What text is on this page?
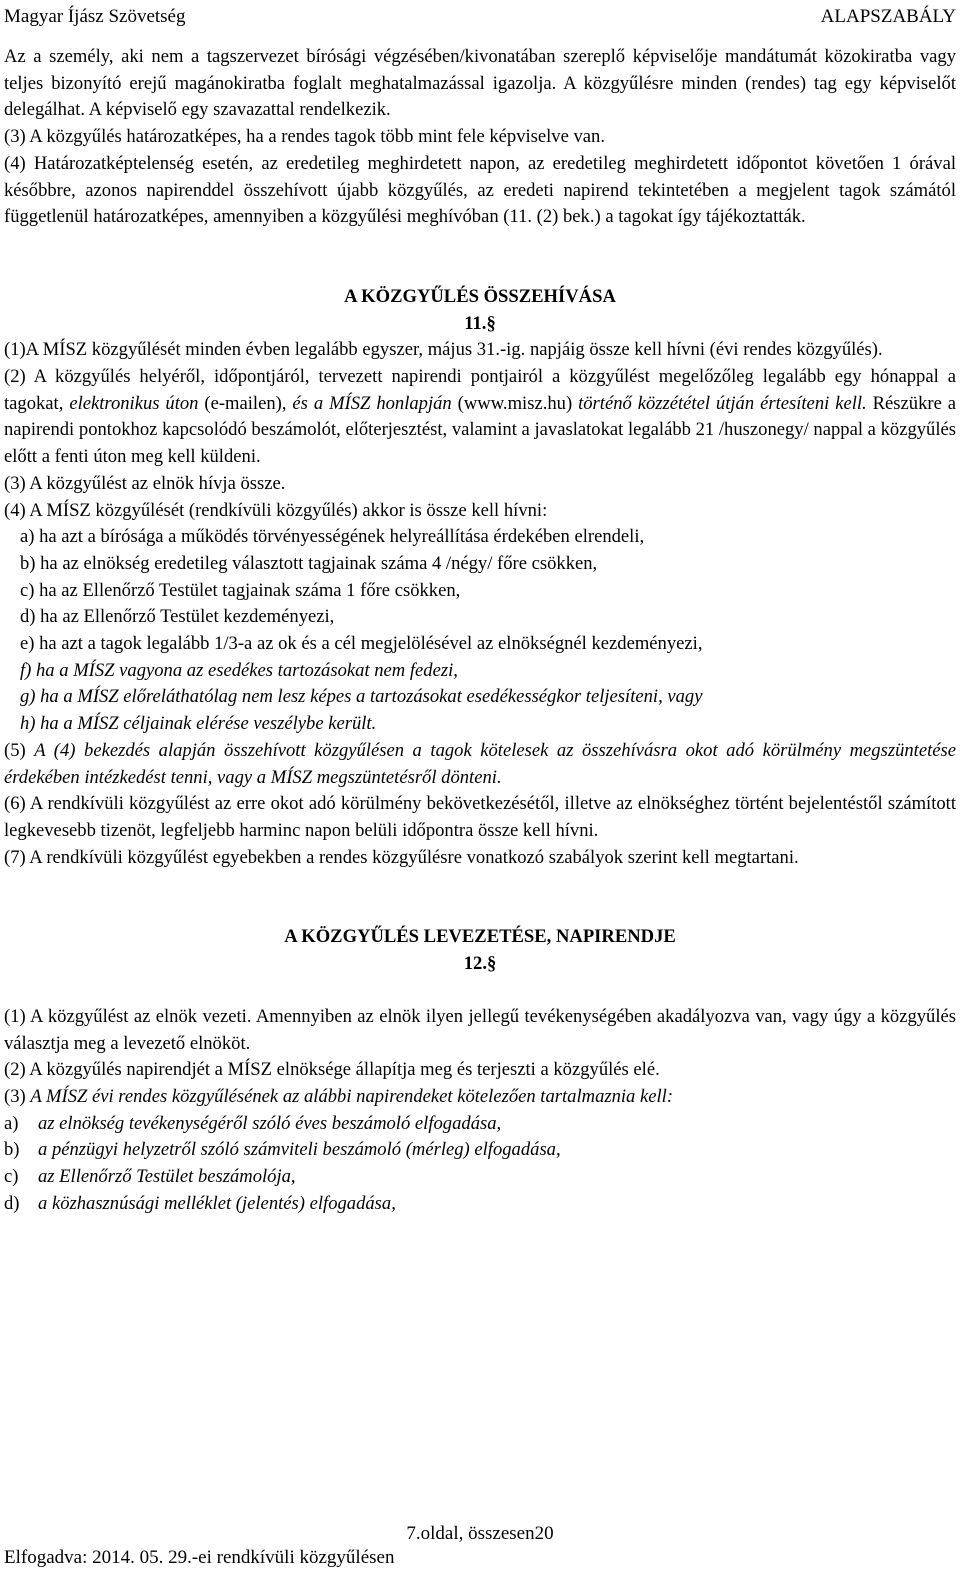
Magyar Íjász Szövetség	ALAPSZABÁLY

Az a személy, aki nem a tagszervezet bírósági végzésében/kivonatában szereplő képviselője mandátumát közokiratba vagy teljes bizonyító erejű magánokiratba foglalt meghatalmazással igazolja. A közgyűlésre minden (rendes) tag egy képviselőt delegálhat. A képviselő egy szavazattal rendelkezik.

(3) A közgyűlés határozatképes, ha a rendes tagok több mint fele képviselve van.

(4) Határozatképtelenség esetén, az eredetileg meghirdetett napon, az eredetileg meghirdetett időpontot követően 1 órával későbbre, azonos napirenddel összehívott újabb közgyűlés, az eredeti napirend tekintetében a megjelent tagok számától függetlenül határozatképes, amennyiben a közgyűlési meghívóban (11. (2) bek.) a tagokat így tájékoztatták.

A KÖZGYŰLÉS ÖSSZEHÍVÁSA

11.§

(1)A MÍSZ közgyűlését minden évben legalább egyszer, május 31.-ig. napjáig össze kell hívni (évi rendes közgyűlés).

(2) A közgyűlés helyéről, időpontjáról, tervezett napirendi pontjairól a közgyűlést megelőzőleg legalább egy hónappal a tagokat, elektronikus úton (e-mailen), és a MÍSZ honlapján (www.misz.hu) történő közzététel útján értesíteni kell. Részükre a napirendi pontokhoz kapcsolódó beszámolót, előterjesztést, valamint a javaslatokat legalább 21 /huszonegy/ nappal a közgyűlés előtt a fenti úton meg kell küldeni.

(3) A közgyűlést az elnök hívja össze.

(4) A MÍSZ közgyűlését (rendkívüli közgyűlés) akkor is össze kell hívni:

a) ha azt a bírósága a működés törvényességének helyreállítása érdekében elrendeli,

b) ha az elnökség eredetileg választott tagjainak száma 4 /négy/ főre csökken,

c) ha az Ellenőrző Testület tagjainak száma 1 főre csökken,

d) ha az Ellenőrző Testület kezdeményezi,

e) ha azt a tagok legalább 1/3-a az ok és a cél megjelölésével az elnökségnél kezdeményezi,

f) ha a MÍSZ vagyona az esedékes tartozásokat nem fedezi,

g) ha a MÍSZ előreláthatólag nem lesz képes a tartozásokat esedékességkor teljesíteni, vagy

h) ha a MÍSZ céljainak elérése veszélybe került.

(5) A (4) bekezdés alapján összehívott közgyűlésen a tagok kötelesek az összehívásra okot adó körülmény megszüntetése érdekében intézkedést tenni, vagy a MÍSZ megszüntetésről dönteni.

(6) A rendkívüli közgyűlést az erre okot adó körülmény bekövetkezésétől, illetve az elnökséghez történt bejelentéstől számított legkevesebb tizenöt, legfeljebb harminc napon belüli időpontra össze kell hívni.

(7) A rendkívüli közgyűlést egyebekben a rendes közgyűlésre vonatkozó szabályok szerint kell megtartani.

A KÖZGYŰLÉS LEVEZETÉSE, NAPIRENDJE

12.§

(1) A közgyűlést az elnök vezeti. Amennyiben az elnök ilyen jellegű tevékenységében akadályozva van, vagy úgy a közgyűlés választja meg a levezető elnököt.

(2) A közgyűlés napirendjét a MÍSZ elnöksége állapítja meg és terjeszti a közgyűlés elé.

(3) A MÍSZ évi rendes közgyűlésének az alábbi napirendeket kötelezően tartalmaznia kell:

a) az elnökség tevékenységéről szóló éves beszámoló elfogadása,

b) a pénzügyi helyzetről szóló számviteli beszámoló (mérleg) elfogadása,

c) az Ellenőrző Testület beszámolója,

d) a közhasznúsági melléklet (jelentés) elfogadása,

7.oldal, összesen20
Elfogadva: 2014. 05. 29.-ei rendkívüli közgyűlésen
